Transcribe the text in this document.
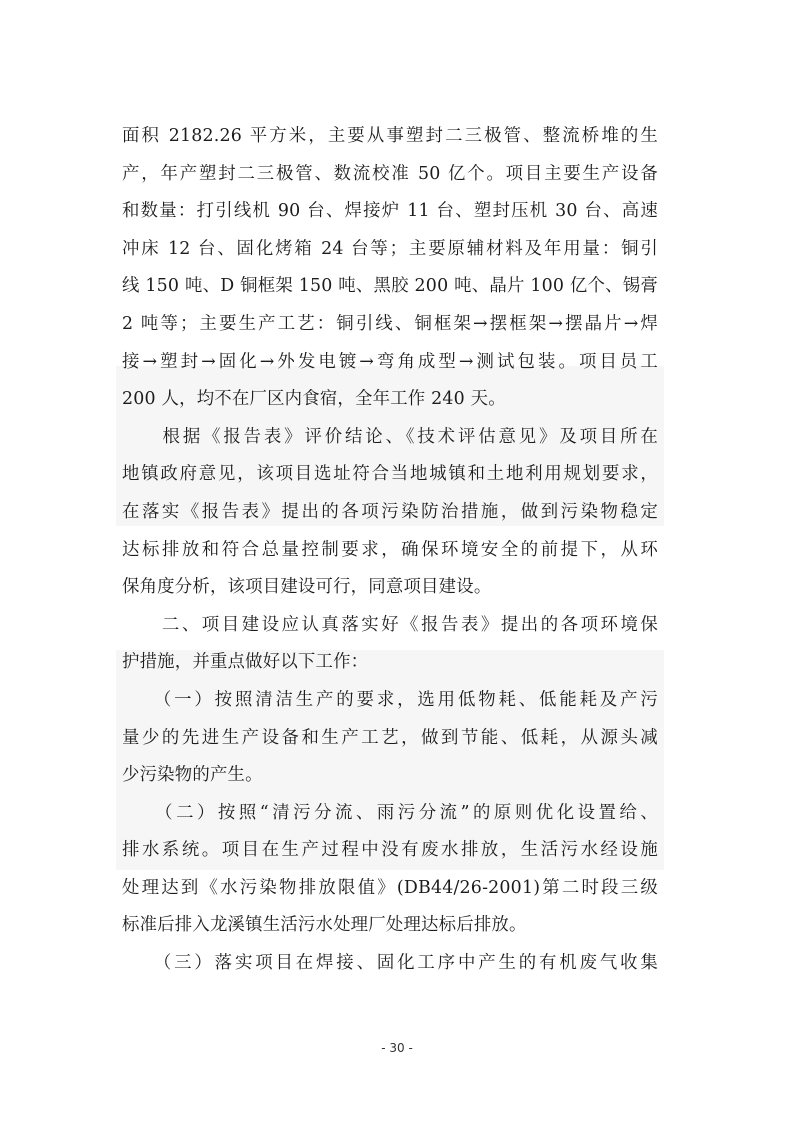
面积 2182.26 平方米，主要从事塑封二三极管、整流桥堆的生
产，年产塑封二三极管、数流校准 50 亿个。项目主要生产设备
和数量：打引线机 90 台、焊接炉 11 台、塑封压机 30 台、高速
冲床 12 台、固化烤箱 24 台等；主要原辅材料及年用量：铜引
线 150 吨、D 铜框架 150 吨、黑胶 200 吨、晶片 100 亿个、锡膏
2 吨等；主要生产工艺：铜引线、铜框架→摆框架→摆晶片→焊
接→塑封→固化→外发电镀→弯角成型→测试包装。项目员工
200 人，均不在厂区内食宿，全年工作 240 天。
　　根据《报告表》评价结论、《技术评估意见》及项目所在
地镇政府意见，该项目选址符合当地城镇和土地利用规划要求，
在落实《报告表》提出的各项污染防治措施，做到污染物稳定
达标排放和符合总量控制要求，确保环境安全的前提下，从环
保角度分析，该项目建设可行，同意项目建设。
　　二、项目建设应认真落实好《报告表》提出的各项环境保
护措施，并重点做好以下工作：
　　（一）按照清洁生产的要求，选用低物耗、低能耗及产污
量少的先进生产设备和生产工艺，做到节能、低耗，从源头减
少污染物的产生。
　　（二）按照“清污分流、雨污分流”的原则优化设置给、
排水系统。项目在生产过程中没有废水排放，生活污水经设施
处理达到《水污染物排放限值》(DB44/26-2001)第二时段三级
标准后排入龙溪镇生活污水处理厂处理达标后排放。
　　（三）落实项目在焊接、固化工序中产生的有机废气收集
- 30 -
